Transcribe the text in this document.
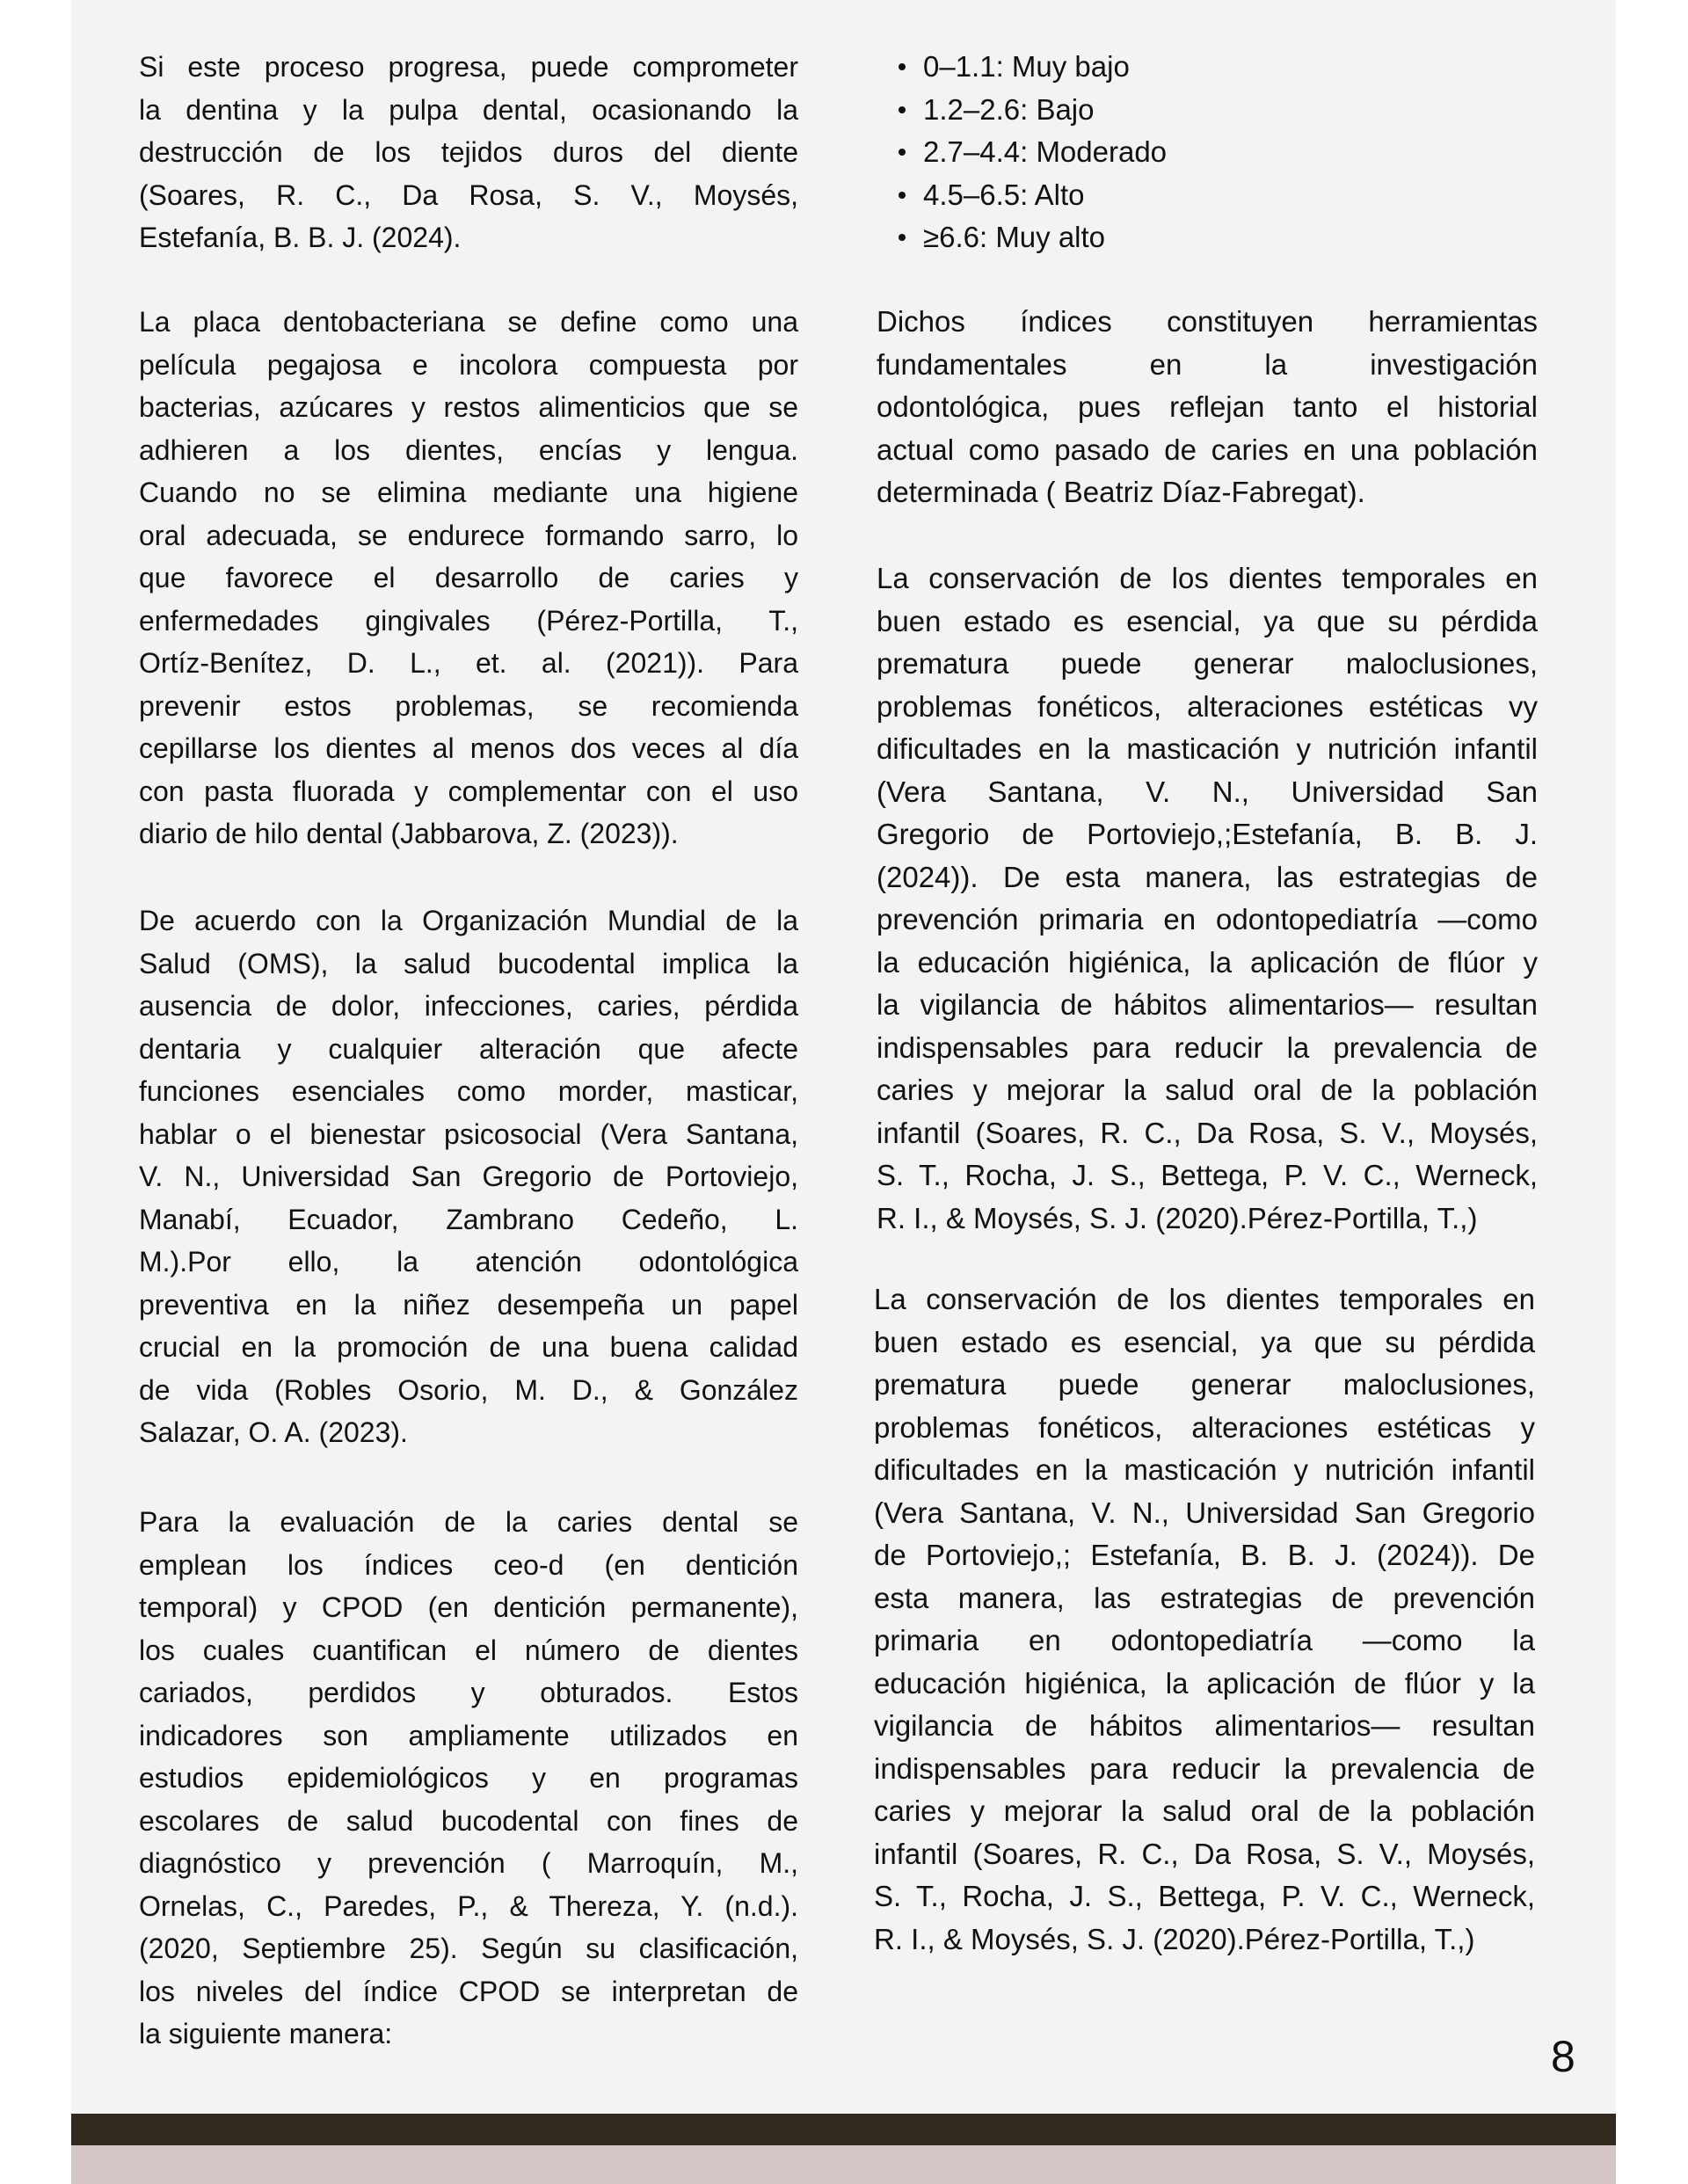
Si este proceso progresa, puede comprometer
la dentina y la pulpa dental, ocasionando la
destrucción de los tejidos duros del diente
(Soares, R. C., Da Rosa, S. V., Moysés,
Estefanía, B. B. J. (2024).
La placa dentobacteriana se define como una
película pegajosa e incolora compuesta por
bacterias, azúcares y restos alimenticios que se
adhieren a los dientes, encías y lengua.
Cuando no se elimina mediante una higiene
oral adecuada, se endurece formando sarro, lo
que favorece el desarrollo de caries y
enfermedades gingivales (Pérez-Portilla, T.,
Ortíz-Benítez, D. L., et. al. (2021)). Para
prevenir estos problemas, se recomienda
cepillarse los dientes al menos dos veces al día
con pasta fluorada y complementar con el uso
diario de hilo dental (Jabbarova, Z. (2023)).
De acuerdo con la Organización Mundial de la
Salud (OMS), la salud bucodental implica la
ausencia de dolor, infecciones, caries, pérdida
dentaria y cualquier alteración que afecte
funciones esenciales como morder, masticar,
hablar o el bienestar psicosocial (Vera Santana,
V. N., Universidad San Gregorio de Portoviejo,
Manabí, Ecuador, Zambrano Cedeño, L.
M.).Por ello, la atención odontológica
preventiva en la niñez desempeña un papel
crucial en la promoción de una buena calidad
de vida (Robles Osorio, M. D., & González
Salazar, O. A. (2023).
Para la evaluación de la caries dental se
emplean los índices ceo-d (en dentición
temporal) y CPOD (en dentición permanente),
los cuales cuantifican el número de dientes
cariados, perdidos y obturados. Estos
indicadores son ampliamente utilizados en
estudios epidemiológicos y en programas
escolares de salud bucodental con fines de
diagnóstico y prevención ( Marroquín, M.,
Ornelas, C., Paredes, P., & Thereza, Y. (n.d.).
(2020, Septiembre 25). Según su clasificación,
los niveles del índice CPOD se interpretan de
la siguiente manera:
0–1.1: Muy bajo
1.2–2.6: Bajo
2.7–4.4: Moderado
4.5–6.5: Alto
≥6.6: Muy alto
Dichos índices constituyen herramientas
fundamentales en la investigación
odontológica, pues reflejan tanto el historial
actual como pasado de caries en una población
determinada ( Beatriz Díaz-Fabregat).
La conservación de los dientes temporales en
buen estado es esencial, ya que su pérdida
prematura puede generar maloclusiones,
problemas fonéticos, alteraciones estéticas vy
dificultades en la masticación y nutrición infantil
(Vera Santana, V. N., Universidad San
Gregorio de Portoviejo,;Estefanía, B. B. J.
(2024)). De esta manera, las estrategias de
prevención primaria en odontopediatría —como
la educación higiénica, la aplicación de flúor y
la vigilancia de hábitos alimentarios— resultan
indispensables para reducir la prevalencia de
caries y mejorar la salud oral de la población
infantil (Soares, R. C., Da Rosa, S. V., Moysés,
S. T., Rocha, J. S., Bettega, P. V. C., Werneck,
R. I., & Moysés, S. J. (2020).Pérez-Portilla, T.,)
La conservación de los dientes temporales en
buen estado es esencial, ya que su pérdida
prematura puede generar maloclusiones,
problemas fonéticos, alteraciones estéticas y
dificultades en la masticación y nutrición infantil
(Vera Santana, V. N., Universidad San Gregorio
de Portoviejo,; Estefanía, B. B. J. (2024)). De
esta manera, las estrategias de prevención
primaria en odontopediatría —como la
educación higiénica, la aplicación de flúor y la
vigilancia de hábitos alimentarios— resultan
indispensables para reducir la prevalencia de
caries y mejorar la salud oral de la población
infantil (Soares, R. C., Da Rosa, S. V., Moysés,
S. T., Rocha, J. S., Bettega, P. V. C., Werneck,
R. I., & Moysés, S. J. (2020).Pérez-Portilla, T.,)
8
